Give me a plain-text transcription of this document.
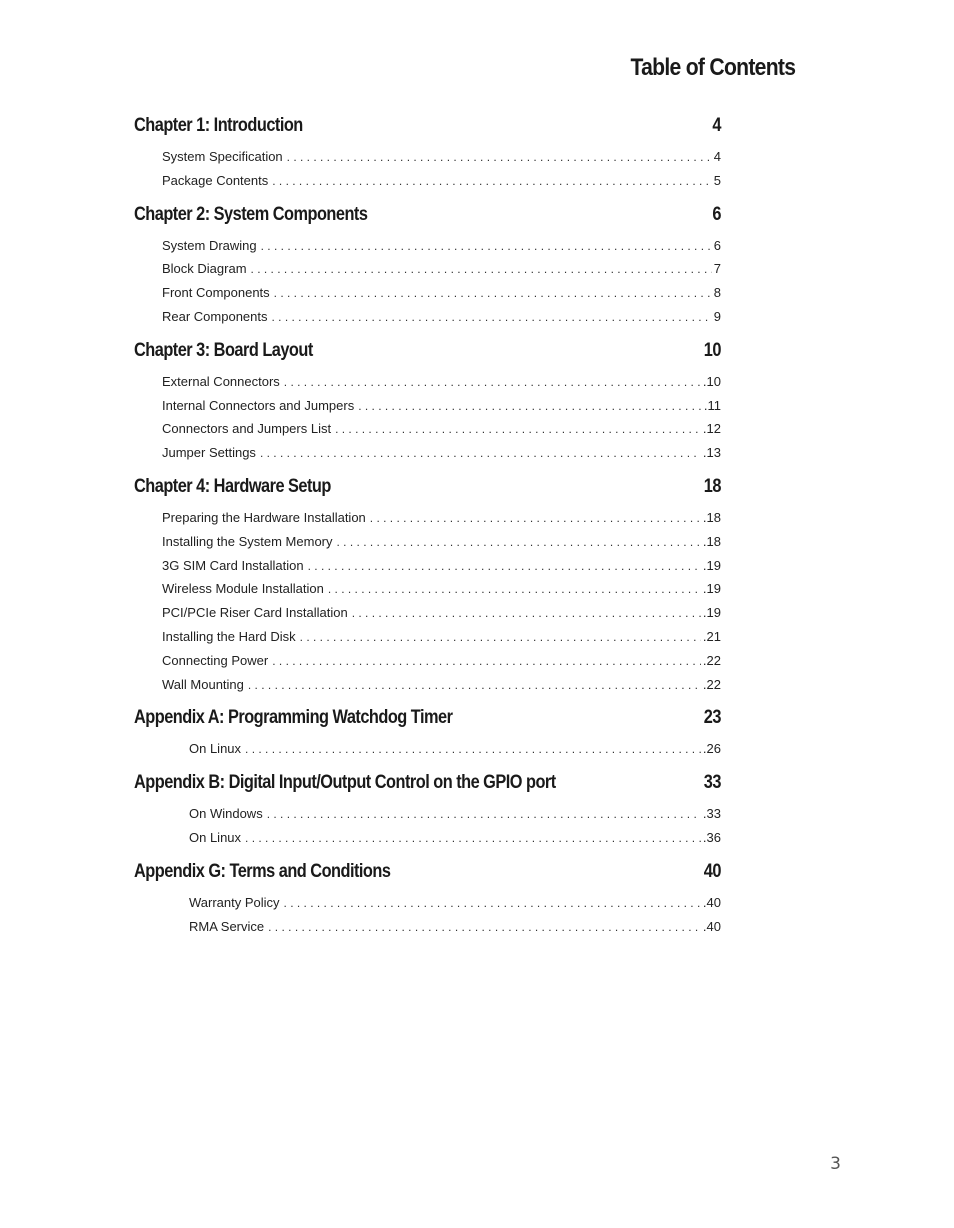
Table of Contents
Chapter 1: Introduction	4
System Specification . . .	4
Package Contents . . .	5
Chapter 2: System Components	6
System Drawing . . .	6
Block Diagram . . .	7
Front Components . . .	8
Rear Components . . .	9
Chapter 3: Board Layout	10
External Connectors . . .	.10
Internal Connectors and Jumpers . . .	.11
Connectors and Jumpers List . . .	.12
Jumper Settings . . .	.13
Chapter 4: Hardware Setup	18
Preparing the Hardware Installation . . .	.18
Installing the System Memory . . .	.18
3G SIM Card Installation . . .	.19
Wireless Module Installation . . .	.19
PCI/PCIe Riser Card Installation . . .	.19
Installing the Hard Disk . . .	.21
Connecting Power . . .	.22
Wall Mounting . . .	.22
Appendix A: Programming Watchdog Timer	23
On Linux . . .	.26
Appendix B: Digital Input/Output Control on the GPIO port	33
On Windows . . .	.33
On Linux . . .	.36
Appendix G: Terms and Conditions	40
Warranty Policy . . .	.40
RMA Service . . .	.40
3
